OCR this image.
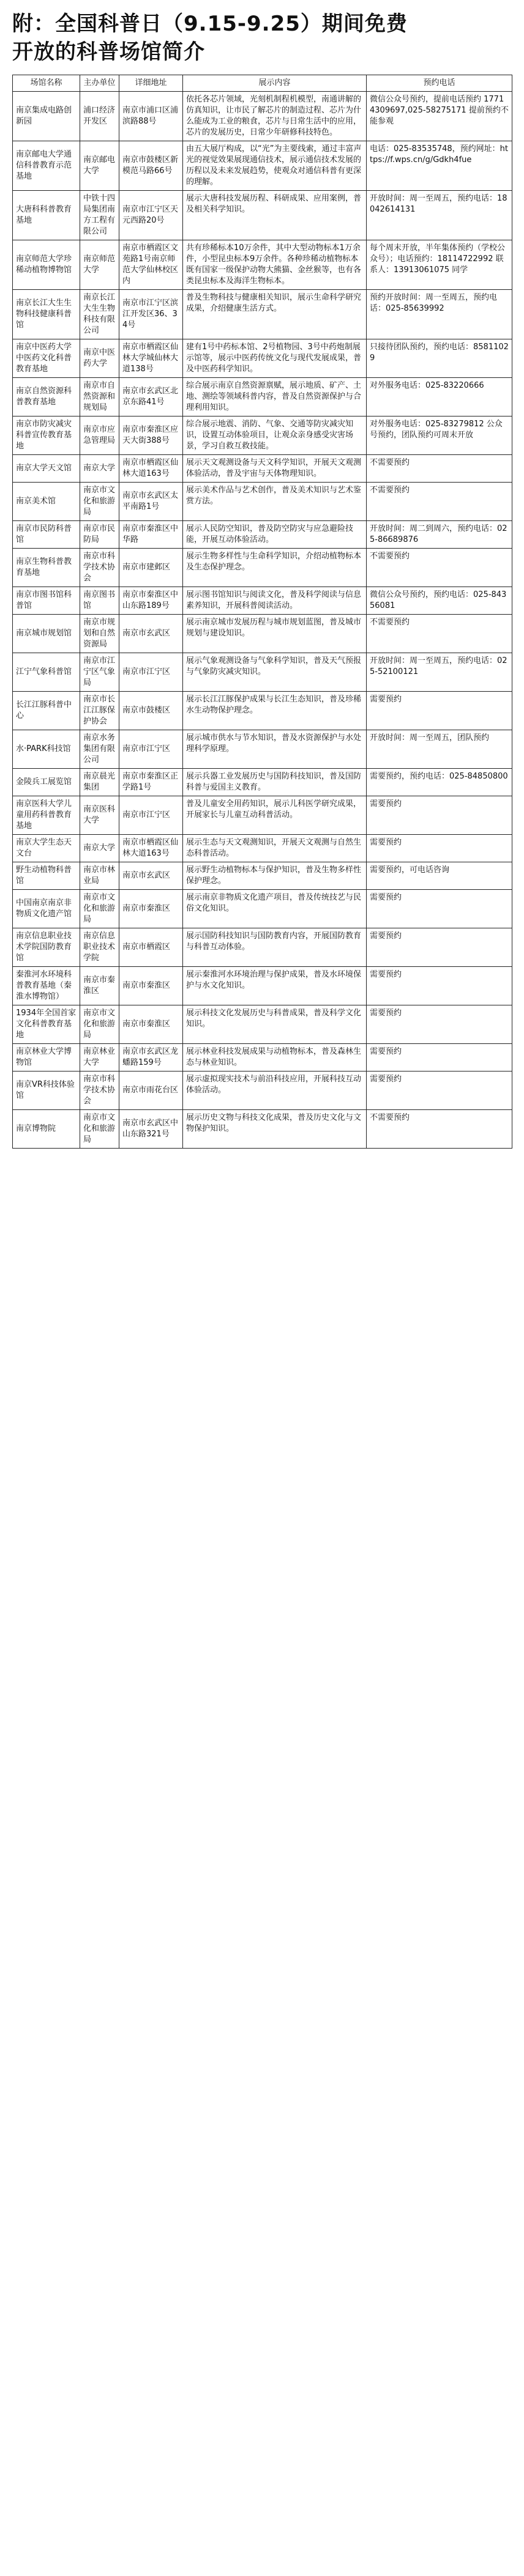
附：全国科普日（9.15-9.25）期间免费
开放的科普场馆简介
场馆名称	主办单位	详细地址	展示内容	预约电话
南京集成电路创新园	浦口经济开发区	南京市浦口区浦滨路88号	依托各芯片领域，光刻机制程机模型，南通讲解的仿真知识，让市民了解芯片的制造过程、芯片为什么能成为工业的粮食，芯片与日常生活中的应用，芯片的发展历史，日常少年研修科技特色。	微信公众号预约，提前电话预约 17714309697,025-58275171 提前预约不能参观
南京邮电大学通信科普教育示范基地	南京邮电大学	南京市鼓楼区新模范马路66号	由五大展厅构成，以“光”为主要线索，通过丰富声光的视觉效果展现通信技术，展示通信技术发展的历程以及未来发展趋势，使观众对通信科普有更深的理解。	电话：025-83535748，预约网址：https://f.wps.cn/g/Gdkh4fue
大唐科科普教育基地	中铁十四局集团南方工程有限公司	南京市江宁区天元西路20号	展示大唐科技发展历程、科研成果、应用案例，普及相关科学知识。	开放时间：周一至周五，预约电话：18042614131
南京师范大学珍稀动植物博物馆	南京师范大学	南京市栖霞区文苑路1号南京师范大学仙林校区内	共有珍稀标本10万余件，其中大型动物标本1万余件，小型昆虫标本9万余件。各种珍稀动植物标本既有国家一级保护动物大熊猫、金丝猴等，也有各类昆虫标本及海洋生物标本。	每个周末开放，半年集体预约（学校公众号）；电话预约：18114722992 联系人：13913061075 同学
南京长江大生生物科技健康科普馆	南京长江大生生物科技有限公司	南京市江宁区滨江开发区36、34号	普及生物科技与健康相关知识，展示生命科学研究成果，介绍健康生活方式。	预约开放时间：周一至周五，预约电话：025-85639992
南京中医药大学中医药文化科普教育基地	南京中医药大学	南京市栖霞区仙林大学城仙林大道138号	建有1号中药标本馆、2号植物园、3号中药炮制展示馆等，展示中医药传统文化与现代发展成果，普及中医药科学知识。	只接待团队预约，预约电话：85811029
南京自然资源科普教育基地	南京市自然资源和规划局	南京市玄武区北京东路41号	综合展示南京自然资源禀赋，展示地质、矿产、土地、测绘等领域科普内容，普及自然资源保护与合理利用知识。	对外服务电话：025-83220666
南京市防灾减灾科普宣传教育基地	南京市应急管理局	南京市秦淮区应天大街388号	综合展示地震、消防、气象、交通等防灾减灾知识，设置互动体验项目，让观众亲身感受灾害场景，学习自救互救技能。	对外服务电话：025-83279812 公众号预约，团队预约可周末开放
南京大学天文馆	南京大学	南京市栖霞区仙林大道163号	展示天文观测设备与天文科学知识，开展天文观测体验活动，普及宇宙与天体物理知识。	不需要预约
南京美术馆	南京市文化和旅游局	南京市玄武区太平南路1号	展示美术作品与艺术创作，普及美术知识与艺术鉴赏方法。	不需要预约
南京市民防科普馆	南京市民防局	南京市秦淮区中华路	展示人民防空知识，普及防空防灾与应急避险技能，开展互动体验活动。	开放时间：周二到周六，预约电话：025-86689876
南京生物科普教育基地	南京市科学技术协会	南京市建邺区	展示生物多样性与生命科学知识，介绍动植物标本及生态保护理念。	不需要预约
南京市图书馆科普馆	南京图书馆	南京市秦淮区中山东路189号	展示图书馆知识与阅读文化，普及科学阅读与信息素养知识，开展科普阅读活动。	微信公众号预约，预约电话：025-84356081
南京城市规划馆	南京市规划和自然资源局	南京市玄武区	展示南京城市发展历程与城市规划蓝图，普及城市规划与建设知识。	不需要预约
江宁气象科普馆	南京市江宁区气象局	南京市江宁区	展示气象观测设备与气象科学知识，普及天气预报与气象防灾减灾知识。	开放时间：周一至周五，预约电话：025-52100121
长江江豚科普中心	南京市长江江豚保护协会	南京市鼓楼区	展示长江江豚保护成果与长江生态知识，普及珍稀水生动物保护理念。	需要预约
水·PARK科技馆	南京水务集团有限公司	南京市江宁区	展示城市供水与节水知识，普及水资源保护与水处理科学原理。	开放时间：周一至周五，团队预约
金陵兵工展览馆	南京晨光集团	南京市秦淮区正学路1号	展示兵器工业发展历史与国防科技知识，普及国防科普与爱国主义教育。	需要预约，预约电话：025-84850800
南京医科大学儿童用药科普教育基地	南京医科大学	南京市江宁区	普及儿童安全用药知识，展示儿科医学研究成果，开展家长与儿童互动科普活动。	需要预约
南京大学生态天文台	南京大学	南京市栖霞区仙林大道163号	展示生态与天文观测知识，开展天文观测与自然生态科普活动。	需要预约
野生动植物科普馆	南京市林业局	南京市玄武区	展示野生动植物标本与保护知识，普及生物多样性保护理念。	需要预约，可电话咨询
中国南京南京非物质文化遗产馆	南京市文化和旅游局	南京市秦淮区	展示南京非物质文化遗产项目，普及传统技艺与民俗文化知识。	需要预约
南京信息职业技术学院国防教育馆	南京信息职业技术学院	南京市栖霞区	展示国防科技知识与国防教育内容，开展国防教育与科普互动体验。	需要预约
秦淮河水环境科普教育基地（秦淮水博物馆）	南京市秦淮区	南京市秦淮区	展示秦淮河水环境治理与保护成果，普及水环境保护与水文化知识。	需要预约
1934年全国首家文化科普教育基地	南京市文化和旅游局	南京市秦淮区	展示科技文化发展历史与科普成果，普及科学文化知识。	需要预约
南京林业大学博物馆	南京林业大学	南京市玄武区龙蟠路159号	展示林业科技发展成果与动植物标本，普及森林生态与林业知识。	需要预约
南京VR科技体验馆	南京市科学技术协会	南京市雨花台区	展示虚拟现实技术与前沿科技应用，开展科技互动体验活动。	需要预约
南京博物院	南京市文化和旅游局	南京市玄武区中山东路321号	展示历史文物与科技文化成果，普及历史文化与文物保护知识。	不需要预约
